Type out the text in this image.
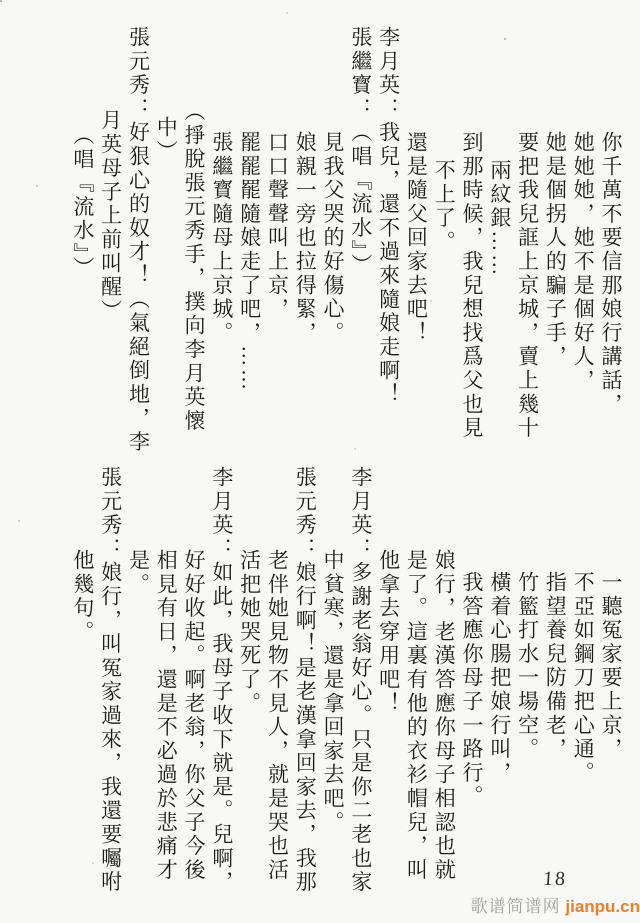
你千萬不要信那娘行講話，
她她她，她不是個好人，
她是個拐人的騙子手，
要把我兒誆上京城，賣上幾十
兩紋銀……
到那時候，我兒想找爲父也見
不上了。
還是隨父回家去吧！
李月英：我兒，還不過來隨娘走啊！
張繼寳：（唱『流水』）
見我父哭的好傷心。
娘親一旁也拉得緊，
口口聲聲叫上京，
罷罷罷隨娘走了吧，……
張繼寳隨母上京城。
（掙脫張元秀手，撲向李月英懷
中）
張元秀：好狠心的奴才！（氣絕倒地，李
月英母子上前叫醒）
（唱『流水』）
一聽冤家要上京，
不亞如鋼刀把心通。
指望養兒防備老，
竹籃打水一場空。
橫着心腸把娘行叫，
我答應你母子一路行。
娘行，老漢答應你母子相認也就
是了。這裏有他的衣衫帽兒，叫
他拿去穿用吧！
李月英：多謝老翁好心。只是你二老也家
中貧寒，還是拿回家去吧。
張元秀：娘行啊！是老漢拿回家去，我那
老伴她見物不見人，就是哭也活
活把她哭死了。
李月英：如此，我母子收下就是。兒啊，
好好收起。啊老翁，你父子今後
相見有日，還是不必過於悲痛才
是。
張元秀：娘行，叫冤家過來，我還要囑咐
他幾句。
18
歌谱简谱网 jianpu.cn
